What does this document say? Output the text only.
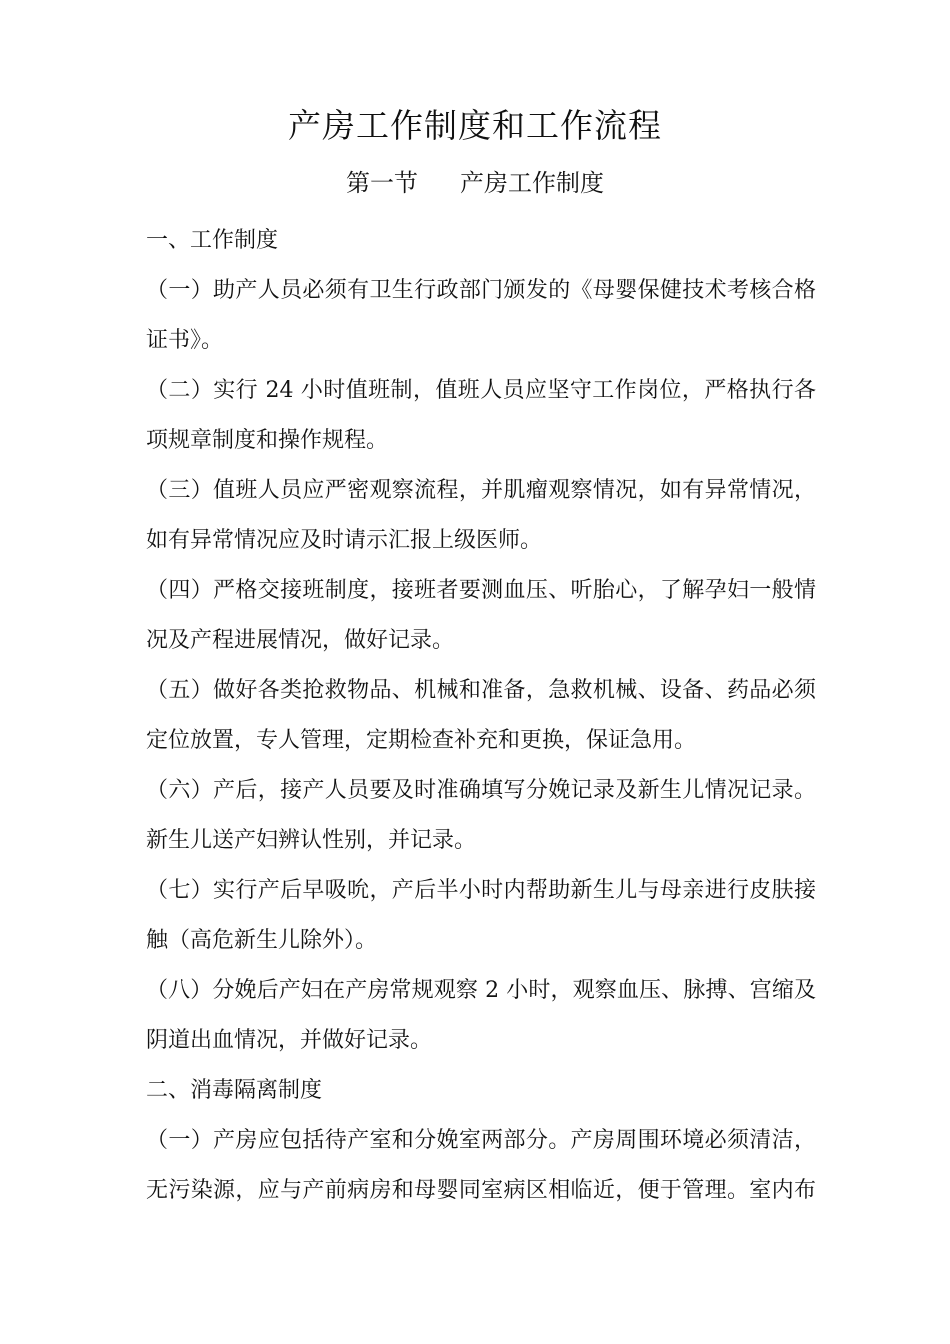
产房工作制度和工作流程
第一节 产房工作制度
一、工作制度
（一）助产人员必须有卫生行政部门颁发的《母婴保健技术考核合格
证书》。
（二）实行 24 小时值班制，值班人员应坚守工作岗位，严格执行各
项规章制度和操作规程。
（三）值班人员应严密观察流程，并肌瘤观察情况，如有异常情况，
如有异常情况应及时请示汇报上级医师。
（四）严格交接班制度，接班者要测血压、听胎心，了解孕妇一般情
况及产程进展情况，做好记录。
（五）做好各类抢救物品、机械和准备，急救机械、设备、药品必须
定位放置，专人管理，定期检查补充和更换，保证急用。
（六）产后，接产人员要及时准确填写分娩记录及新生儿情况记录。
新生儿送产妇辨认性别，并记录。
（七）实行产后早吸吮，产后半小时内帮助新生儿与母亲进行皮肤接
触（高危新生儿除外）。
（八）分娩后产妇在产房常规观察 2 小时，观察血压、脉搏、宫缩及
阴道出血情况，并做好记录。
二、消毒隔离制度
（一）产房应包括待产室和分娩室两部分。产房周围环境必须清洁，
无污染源，应与产前病房和母婴同室病区相临近，便于管理。室内布
